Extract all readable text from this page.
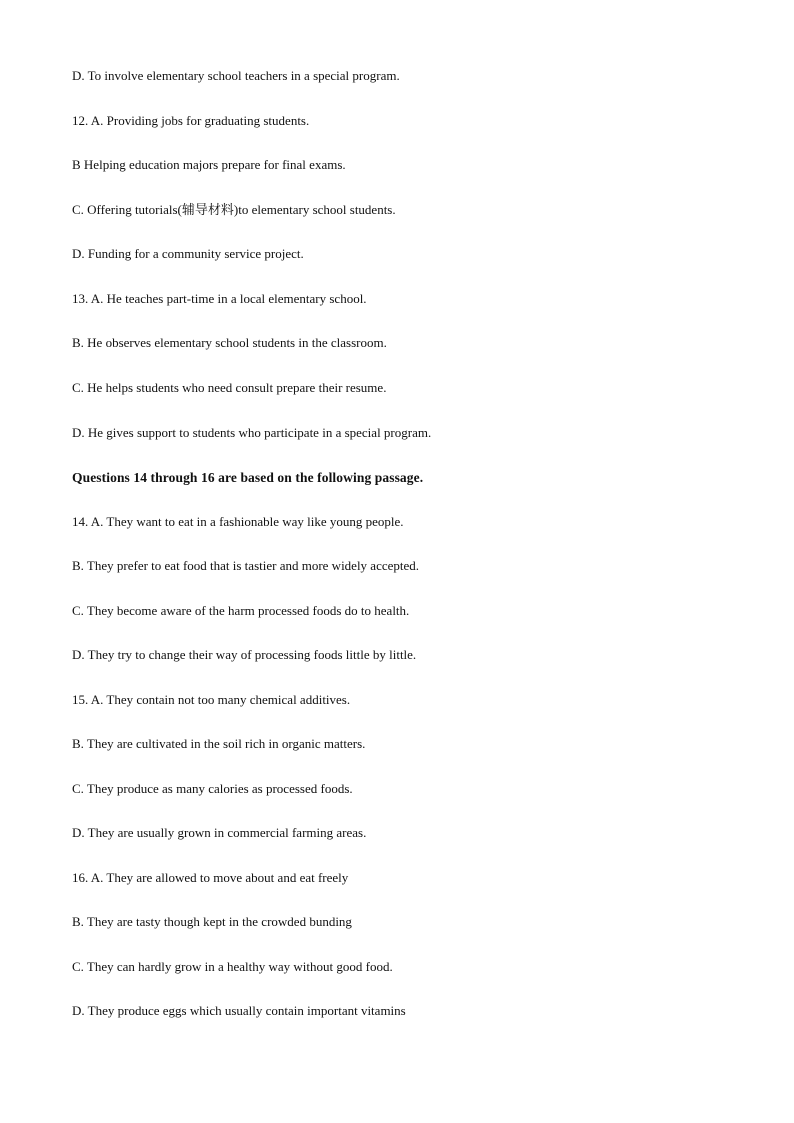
D. To involve elementary school teachers in a special program.
12. A. Providing jobs for graduating students.
B Helping education majors prepare for final exams.
C. Offering tutorials(辅导材料)to elementary school students.
D. Funding for a community service project.
13. A. He teaches part-time in a local elementary school.
B. He observes elementary school students in the classroom.
C. He helps students who need consult prepare their resume.
D. He gives support to students who participate in a special program.
Questions 14 through 16 are based on the following passage.
14. A. They want to eat in a fashionable way like young people.
B. They prefer to eat food that is tastier and more widely accepted.
C. They become aware of the harm processed foods do to health.
D. They try to change their way of processing foods little by little.
15. A. They contain not too many chemical additives.
B. They are cultivated in the soil rich in organic matters.
C. They produce as many calories as processed foods.
D. They are usually grown in commercial farming areas.
16. A. They are allowed to move about and eat freely
B. They are tasty though kept in the crowded bunding
C. They can hardly grow in a healthy way without good food.
D. They produce eggs which usually contain important vitamins
